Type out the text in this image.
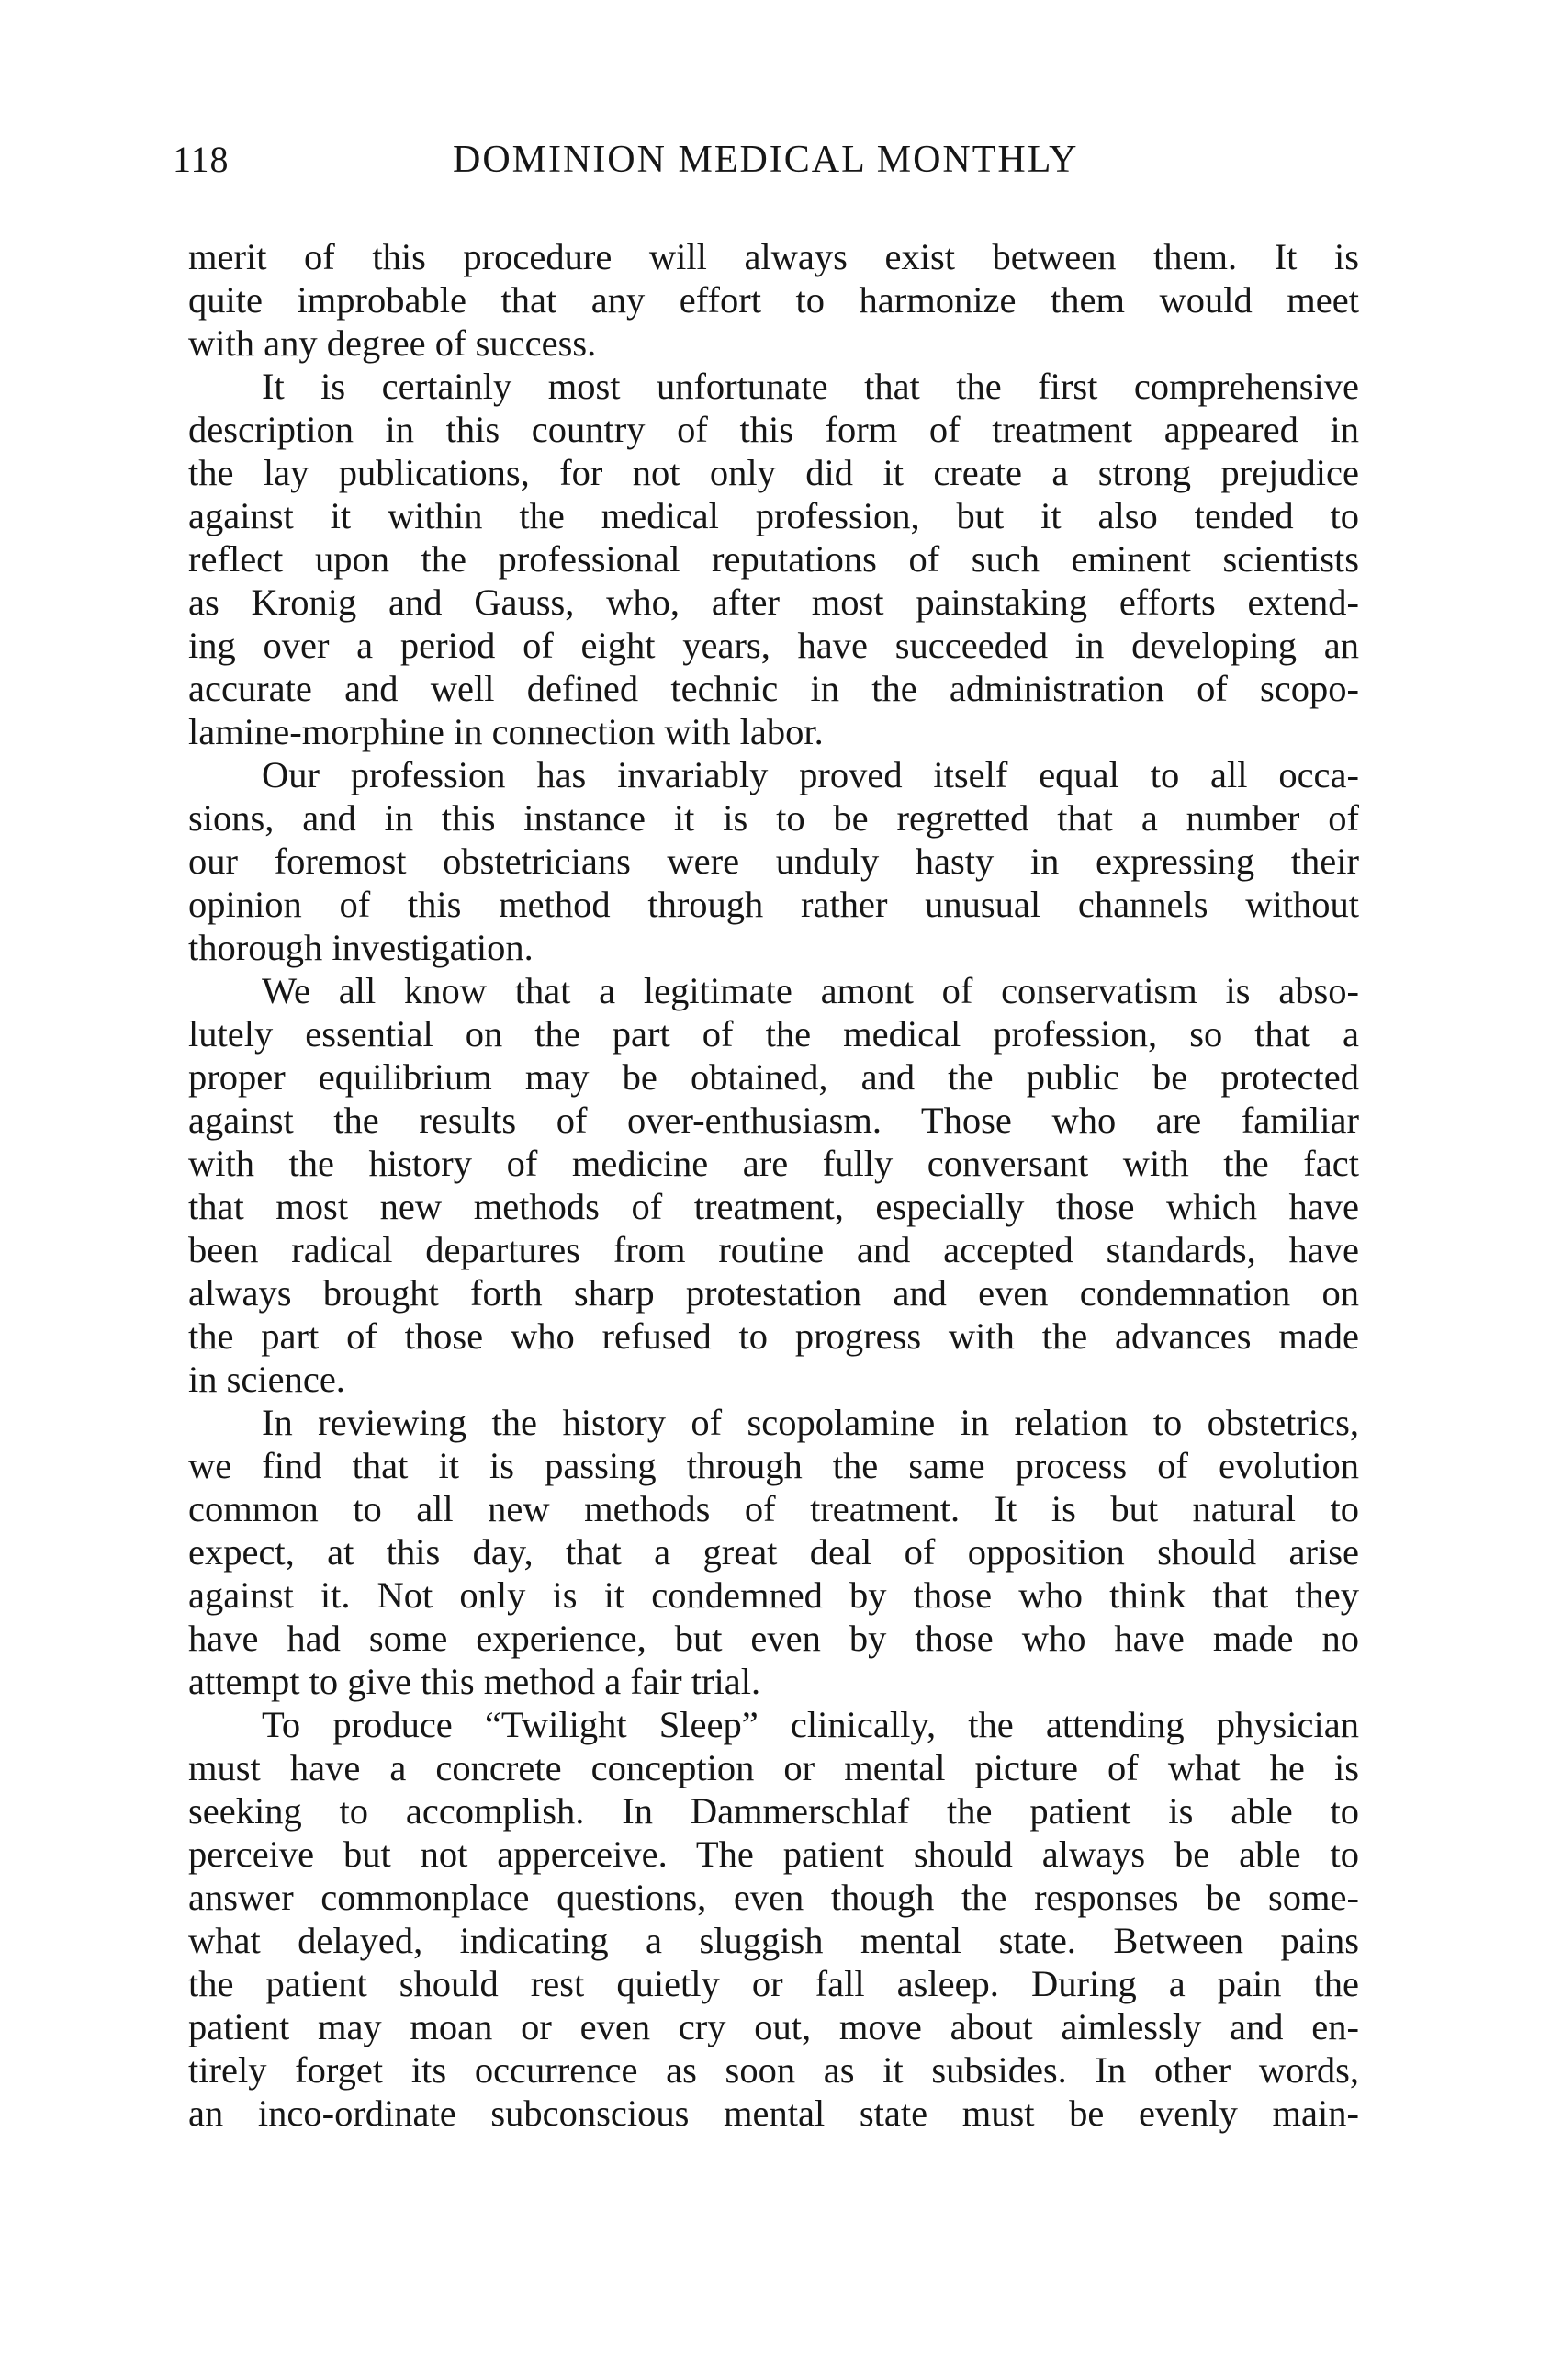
118	DOMINION MEDICAL MONTHLY
merit of this procedure will always exist between them. It is
quite improbable that any effort to harmonize them would meet
with any degree of success.
It is certainly most unfortunate that the first comprehensive
description in this country of this form of treatment appeared in
the lay publications, for not only did it create a strong prejudice
against it within the medical profession, but it also tended to
reflect upon the professional reputations of such eminent scientists
as Kronig and Gauss, who, after most painstaking efforts extend-
ing over a period of eight years, have succeeded in developing an
accurate and well defined technic in the administration of scopo-
lamine-morphine in connection with labor.
Our profession has invariably proved itself equal to all occa-
sions, and in this instance it is to be regretted that a number of
our foremost obstetricians were unduly hasty in expressing their
opinion of this method through rather unusual channels without
thorough investigation.
We all know that a legitimate amont of conservatism is abso-
lutely essential on the part of the medical profession, so that a
proper equilibrium may be obtained, and the public be protected
against the results of over-enthusiasm. Those who are familiar
with the history of medicine are fully conversant with the fact
that most new methods of treatment, especially those which have
been radical departures from routine and accepted standards, have
always brought forth sharp protestation and even condemnation on
the part of those who refused to progress with the advances made
in science.
In reviewing the history of scopolamine in relation to obstetrics,
we find that it is passing through the same process of evolution
common to all new methods of treatment. It is but natural to
expect, at this day, that a great deal of opposition should arise
against it. Not only is it condemned by those who think that they
have had some experience, but even by those who have made no
attempt to give this method a fair trial.
To produce “Twilight Sleep” clinically, the attending physician
must have a concrete conception or mental picture of what he is
seeking to accomplish. In Dammerschlaf the patient is able to
perceive but not apperceive. The patient should always be able to
answer commonplace questions, even though the responses be some-
what delayed, indicating a sluggish mental state. Between pains
the patient should rest quietly or fall asleep. During a pain the
patient may moan or even cry out, move about aimlessly and en-
tirely forget its occurrence as soon as it subsides. In other words,
an inco-ordinate subconscious mental state must be evenly main-
